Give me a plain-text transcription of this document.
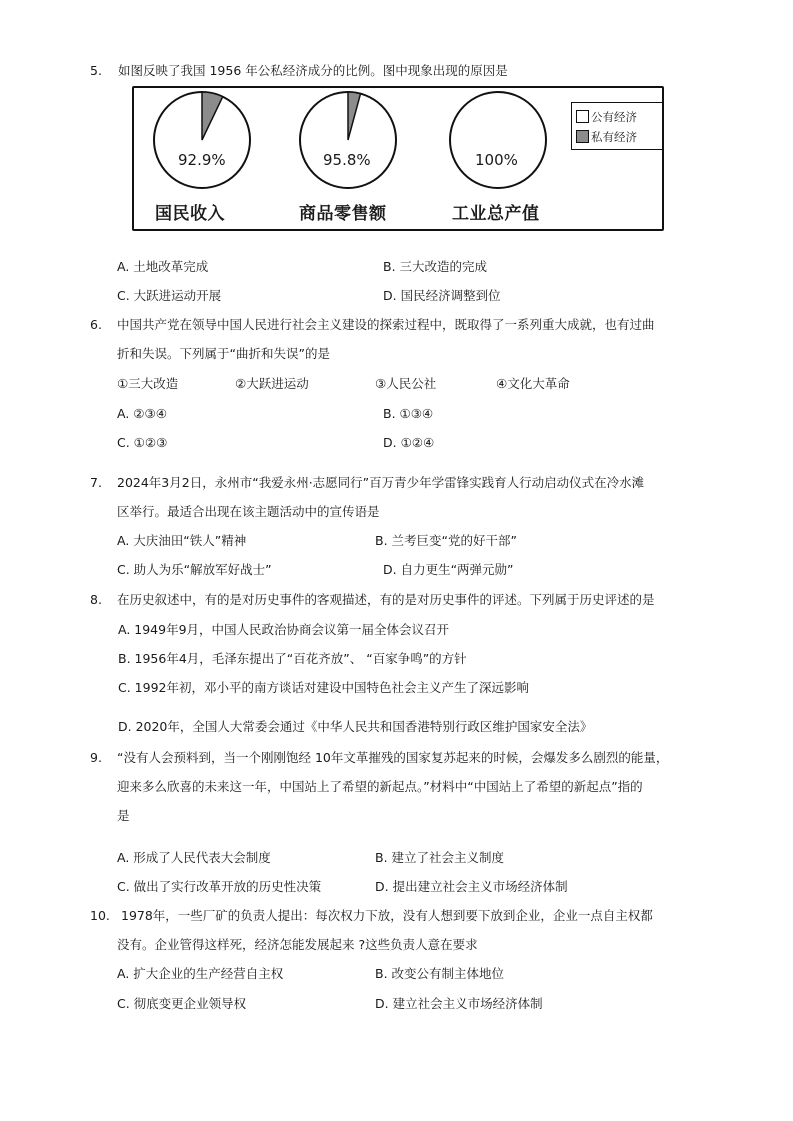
5. 如图反映了我国 1956 年公私经济成分的比例。图中现象出现的原因是
92.9%
国民收入
95.8%
商品零售额
100%
工业总产值
公有经济
私有经济
A. 土地改革完成	B. 三大改造的完成
C. 大跃进运动开展	D. 国民经济调整到位
6. 中国共产党在领导中国人民进行社会主义建设的探索过程中，既取得了一系列重大成就，也有过曲
折和失误。下列属于“曲折和失误”的是
①三大改造	②大跃进运动	③人民公社	④文化大革命
A. ②③④	B. ①③④
C. ①②③	D. ①②④
7. 2024年3月2日，永州市“我爱永州·志愿同行”百万青少年学雷锋实践育人行动启动仪式在冷水滩
区举行。最适合出现在该主题活动中的宣传语是
A. 大庆油田“铁人”精神	B. 兰考巨变“党的好干部”
C. 助人为乐“解放军好战士”	D. 自力更生“两弹元勋”
8. 在历史叙述中，有的是对历史事件的客观描述，有的是对历史事件的评述。下列属于历史评述的是
A. 1949年9月，中国人民政治协商会议第一届全体会议召开
B. 1956年4月，毛泽东提出了“百花齐放”、 “百家争鸣”的方针
C. 1992年初，邓小平的南方谈话对建设中国特色社会主义产生了深远影响
D. 2020年，全国人大常委会通过《中华人民共和国香港特别行政区维护国家安全法》
9. “没有人会预料到，当一个刚刚饱经 10年文革摧残的国家复苏起来的时候，会爆发多么剧烈的能量，
迎来多么欣喜的未来这一年，中国站上了希望的新起点。”材料中“中国站上了希望的新起点”指的
是
A. 形成了人民代表大会制度	B. 建立了社会主义制度
C. 做出了实行改革开放的历史性决策	D. 提出建立社会主义市场经济体制
10. 1978年，一些厂矿的负责人提出：每次权力下放，没有人想到要下放到企业，企业一点自主权都
没有。企业管得这样死，经济怎能发展起来 ?这些负责人意在要求
A. 扩大企业的生产经营自主权	B. 改变公有制主体地位
C. 彻底变更企业领导权	D. 建立社会主义市场经济体制
